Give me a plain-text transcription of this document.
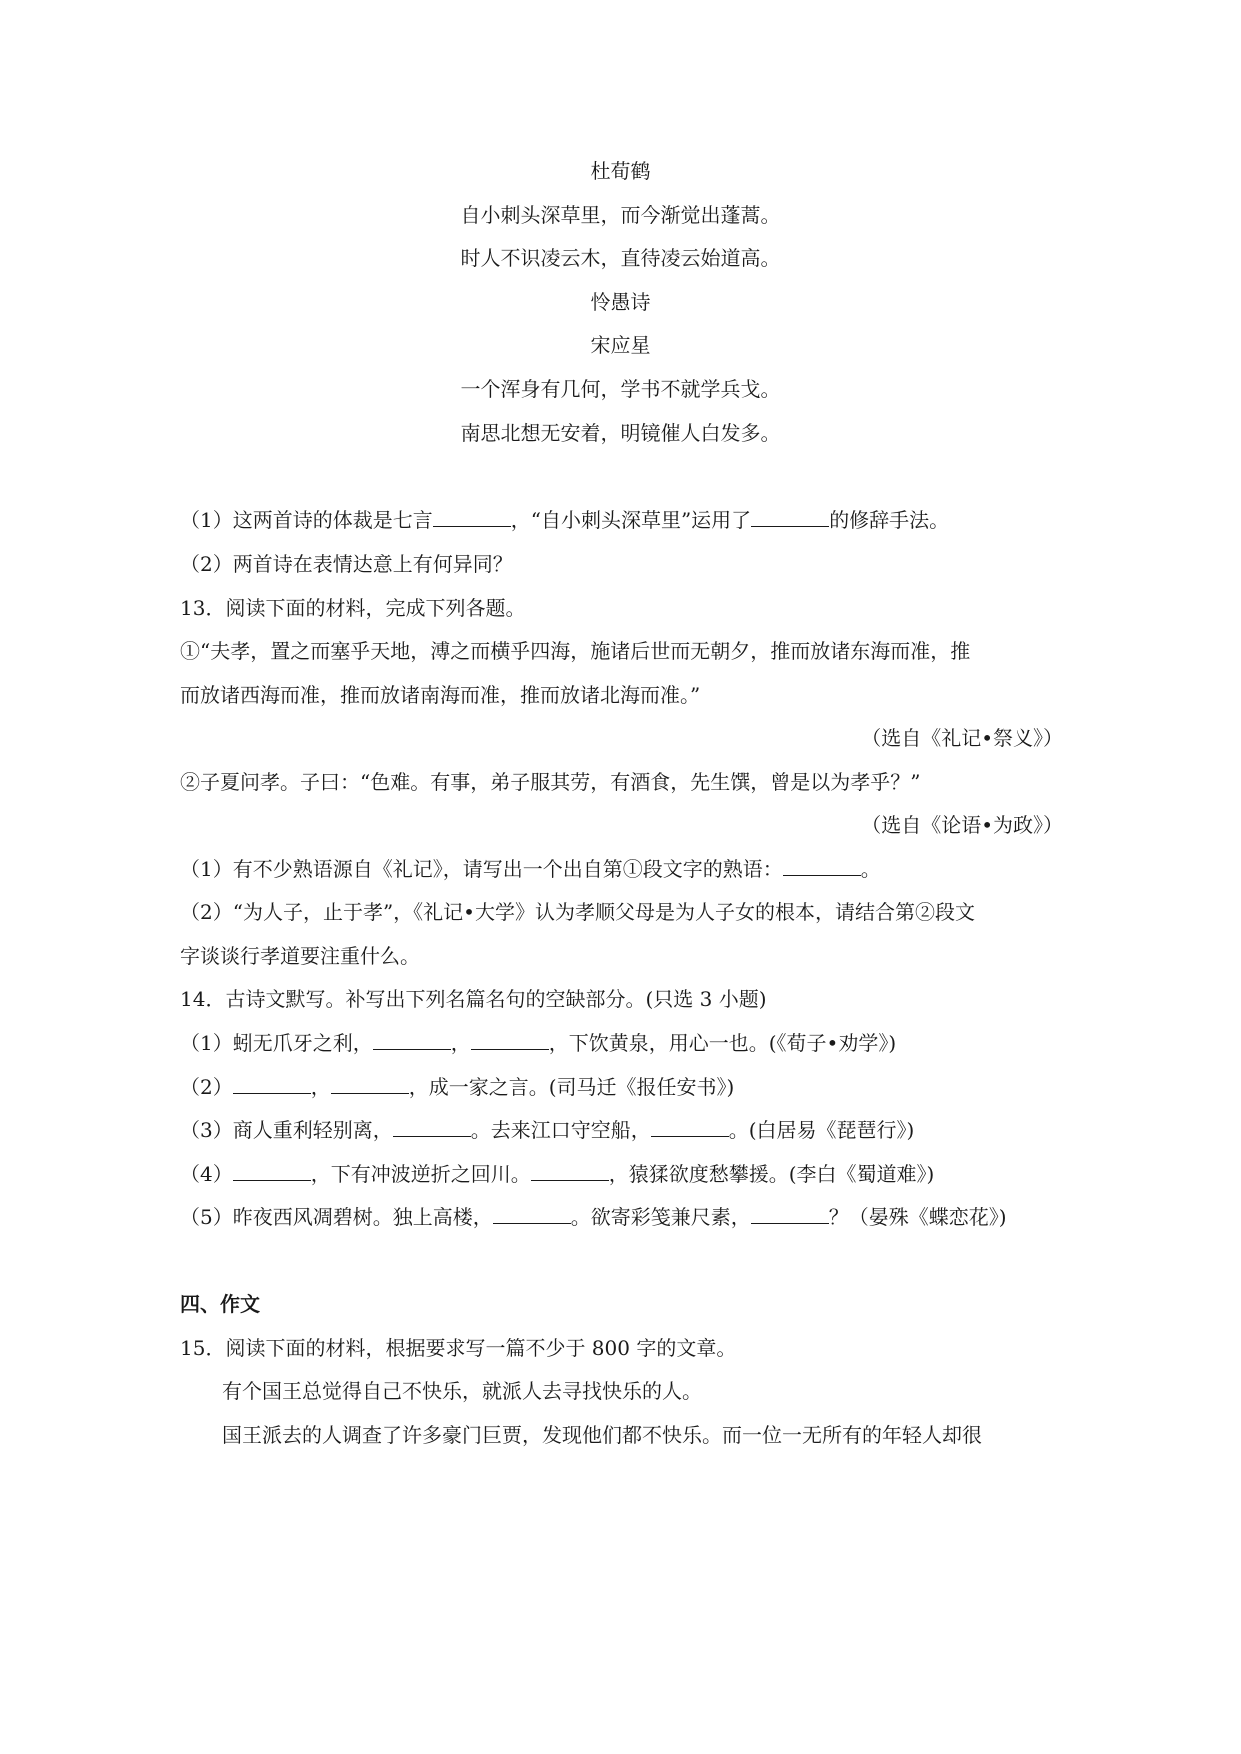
杜荀鹤
自小刺头深草里，而今渐觉出蓬蒿。
时人不识凌云木，直待凌云始道高。
怜愚诗
宋应星
一个浑身有几何，学书不就学兵戈。
南思北想无安着，明镜催人白发多。
（1）这两首诗的体裁是七言	，“自小刺头深草里”运用了	的修辞手法。
（2）两首诗在表情达意上有何异同？
13．阅读下面的材料，完成下列各题。
①“夫孝，置之而塞乎天地，溥之而横乎四海，施诸后世而无朝夕，推而放诸东海而准，推
而放诸西海而准，推而放诸南海而准，推而放诸北海而准。”
（选自《礼记•祭义》）
②子夏问孝。子曰：“色难。有事，弟子服其劳，有酒食，先生馔，曾是以为孝乎？”
（选自《论语•为政》）
（1）有不少熟语源自《礼记》，请写出一个出自第①段文字的熟语：	。
（2）“为人子，止于孝”，《礼记•大学》认为孝顺父母是为人子女的根本，请结合第②段文
字谈谈行孝道要注重什么。
14．古诗文默写。补写出下列名篇名句的空缺部分。(只选 3 小题)
（1）蚓无爪牙之利，	，	，下饮黄泉，用心一也。(《荀子•劝学》)
（2）	，	，成一家之言。(司马迁《报任安书》)
（3）商人重利轻别离，	。去来江口守空船，	。(白居易《琵琶行》)
（4）	，下有冲波逆折之回川。	，猿猱欲度愁攀援。(李白《蜀道难》)
（5）昨夜西风凋碧树。独上高楼，	。欲寄彩笺兼尺素，	？（晏殊《蝶恋花》)
四、作文
15．阅读下面的材料，根据要求写一篇不少于 800 字的文章。
有个国王总觉得自己不快乐，就派人去寻找快乐的人。
国王派去的人调查了许多豪门巨贾，发现他们都不快乐。而一位一无所有的年轻人却很
